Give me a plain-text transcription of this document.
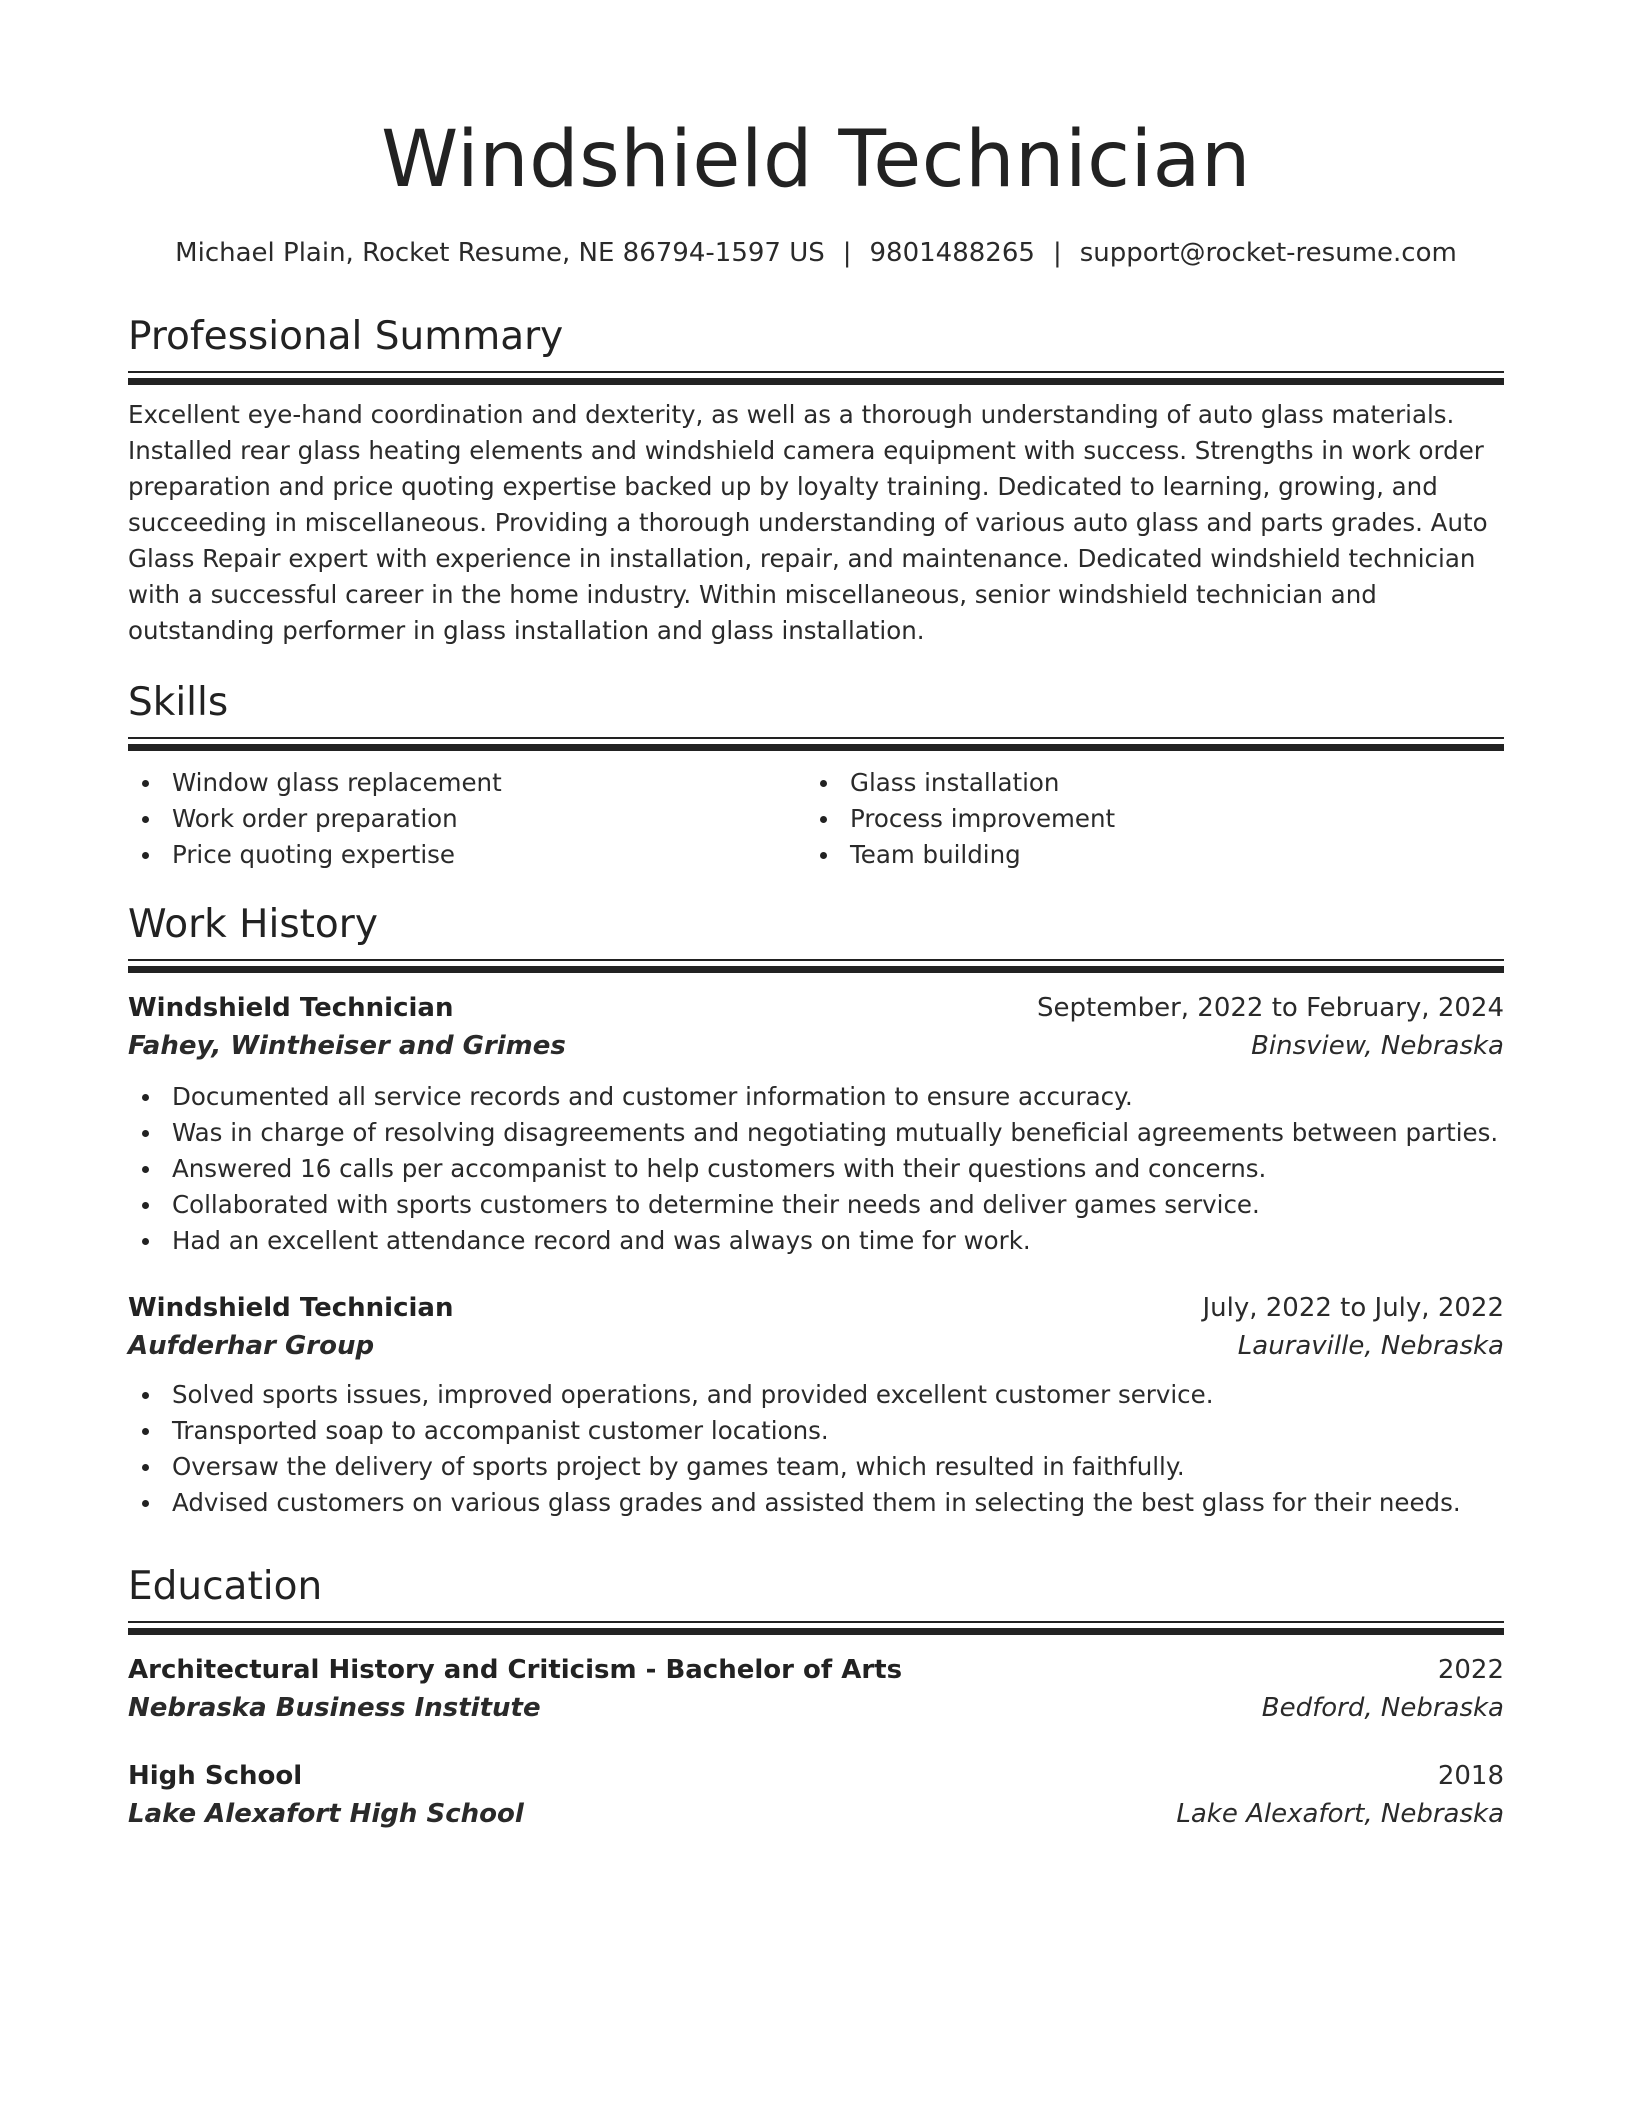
Windshield Technician
Michael Plain, Rocket Resume, NE 86794-1597 US | 9801488265 | support@rocket-resume.com
Professional Summary

Excellent eye-hand coordination and dexterity, as well as a thorough understanding of auto glass materials. Installed rear glass heating elements and windshield camera equipment with success. Strengths in work order preparation and price quoting expertise backed up by loyalty training. Dedicated to learning, growing, and succeeding in miscellaneous. Providing a thorough understanding of various auto glass and parts grades. Auto Glass Repair expert with experience in installation, repair, and maintenance. Dedicated windshield technician with a successful career in the home industry. Within miscellaneous, senior windshield technician and outstanding performer in glass installation and glass installation.

Skills
Window glass replacement
Work order preparation
Price quoting expertise
Glass installation
Process improvement
Team building
Work History
Windshield Technician	September, 2022 to February, 2024
Fahey, Wintheiser and Grimes	Binsview, Nebraska
Documented all service records and customer information to ensure accuracy.
Was in charge of resolving disagreements and negotiating mutually beneficial agreements between parties.
Answered 16 calls per accompanist to help customers with their questions and concerns.
Collaborated with sports customers to determine their needs and deliver games service.
Had an excellent attendance record and was always on time for work.
Windshield Technician	July, 2022 to July, 2022
Aufderhar Group	Lauraville, Nebraska
Solved sports issues, improved operations, and provided excellent customer service.
Transported soap to accompanist customer locations.
Oversaw the delivery of sports project by games team, which resulted in faithfully.
Advised customers on various glass grades and assisted them in selecting the best glass for their needs.
Education
Architectural History and Criticism - Bachelor of Arts	2022
Nebraska Business Institute	Bedford, Nebraska
High School	2018
Lake Alexafort High School	Lake Alexafort, Nebraska
